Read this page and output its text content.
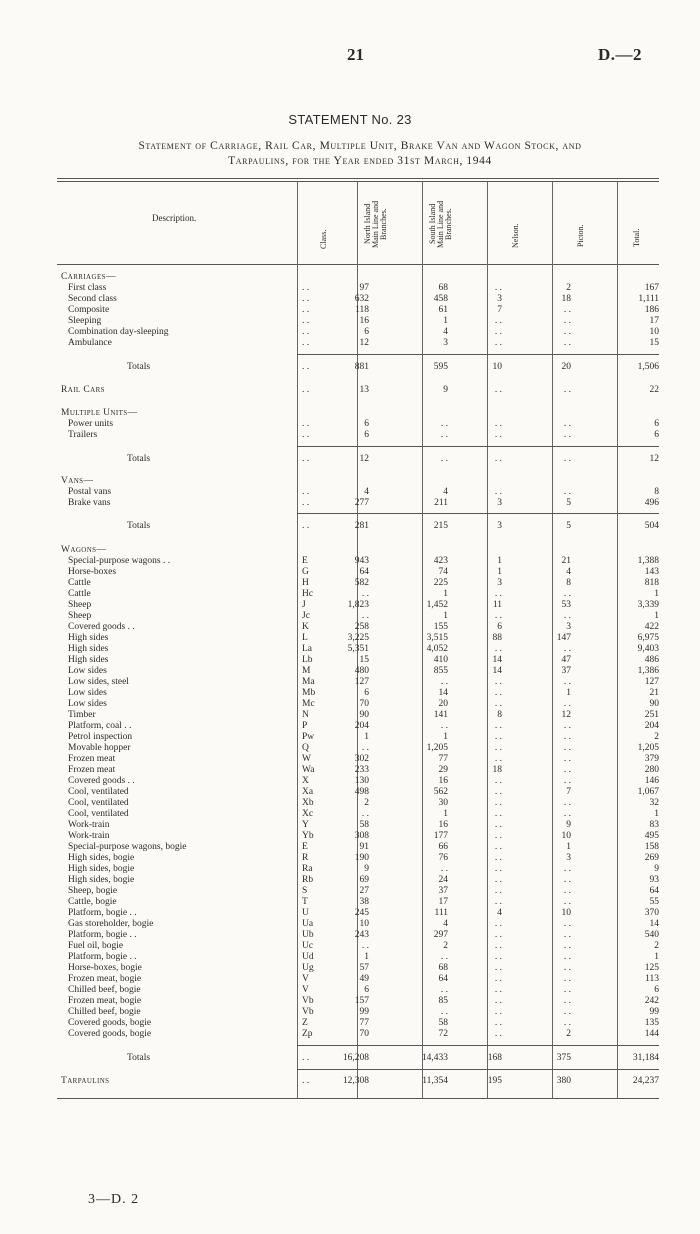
21	D.—2
STATEMENT No. 23
Statement of Carriage, Rail Car, Multiple Unit, Brake Van and Wagon Stock, and
Tarpaulins, for the Year ended 31st March, 1944
Description.
Class.	North Island
Main Line and
Branches.	South Island
Main Line and
Branches.	Nelson.	Picton.	Total.
Carriages—
First class	. .	97	68	. .	2	167
Second class	. .	632	458	3	18	1,111
Composite	. .	118	61	7	. .	186
Sleeping	. .	16	1	. .	. .	17
Combination day-sleeping	. .	6	4	. .	. .	10
Ambulance	. .	12	3	. .	. .	15
Totals	. .	881	595	10	20	1,506
Rail Cars	. .	13	9	. .	. .	22
Multiple Units—
Power units	. .	6	. .	. .	. .	6
Trailers	. .	6	. .	. .	. .	6
Totals	. .	12	. .	. .	. .	12
Vans—
Postal vans	. .	4	4	. .	. .	8
Brake vans	. .	277	211	3	5	496
Totals	. .	281	215	3	5	504
Wagons—
Special-purpose wagons . .	E	943	423	1	21	1,388
Horse-boxes	G	64	74	1	4	143
Cattle	H	582	225	3	8	818
Cattle	Hc	. .	1	. .	. .	1
Sheep	J	1,823	1,452	11	53	3,339
Sheep	Jc	. .	1	. .	. .	1
Covered goods . .	K	258	155	6	3	422
High sides	L	3,225	3,515	88	147	6,975
High sides	La	5,351	4,052	. .	. .	9,403
High sides	Lb	15	410	14	47	486
Low sides	M	480	855	14	37	1,386
Low sides, steel	Ma	127	. .	. .	. .	127
Low sides	Mb	6	14	. .	1	21
Low sides	Mc	70	20	. .	. .	90
Timber	N	90	141	8	12	251
Platform, coal . .	P	204	. .	. .	. .	204
Petrol inspection	Pw	1	1	. .	. .	2
Movable hopper	Q	. .	1,205	. .	. .	1,205
Frozen meat	W	302	77	. .	. .	379
Frozen meat	Wa	233	29	18	. .	280
Covered goods . .	X	130	16	. .	. .	146
Cool, ventilated	Xa	498	562	. .	7	1,067
Cool, ventilated	Xb	2	30	. .	. .	32
Cool, ventilated	Xc	. .	1	. .	. .	1
Work-train	Y	58	16	. .	9	83
Work-train	Yb	308	177	. .	10	495
Special-purpose wagons, bogie	E	91	66	. .	1	158
High sides, bogie	R	190	76	. .	3	269
High sides, bogie	Ra	9	. .	. .	. .	9
High sides, bogie	Rb	69	24	. .	. .	93
Sheep, bogie	S	27	37	. .	. .	64
Cattle, bogie	T	38	17	. .	. .	55
Platform, bogie . .	U	245	111	4	10	370
Gas storeholder, bogie	Ua	10	4	. .	. .	14
Platform, bogie . .	Ub	243	297	. .	. .	540
Fuel oil, bogie	Uc	. .	2	. .	. .	2
Platform, bogie . .	Ud	1	. .	. .	. .	1
Horse-boxes, bogie	Ug	57	68	. .	. .	125
Frozen meat, bogie	V	49	64	. .	. .	113
Chilled beef, bogie	V	6	. .	. .	. .	6
Frozen meat, bogie	Vb	157	85	. .	. .	242
Chilled beef, bogie	Vb	99	. .	. .	. .	99
Covered goods, bogie	Z	77	58	. .	. .	135
Covered goods, bogie	Zp	70	72	. .	2	144
Totals	. .	16,208	14,433	168	375	31,184
Tarpaulins	. .	12,308	11,354	195	380	24,237
3—D. 2
